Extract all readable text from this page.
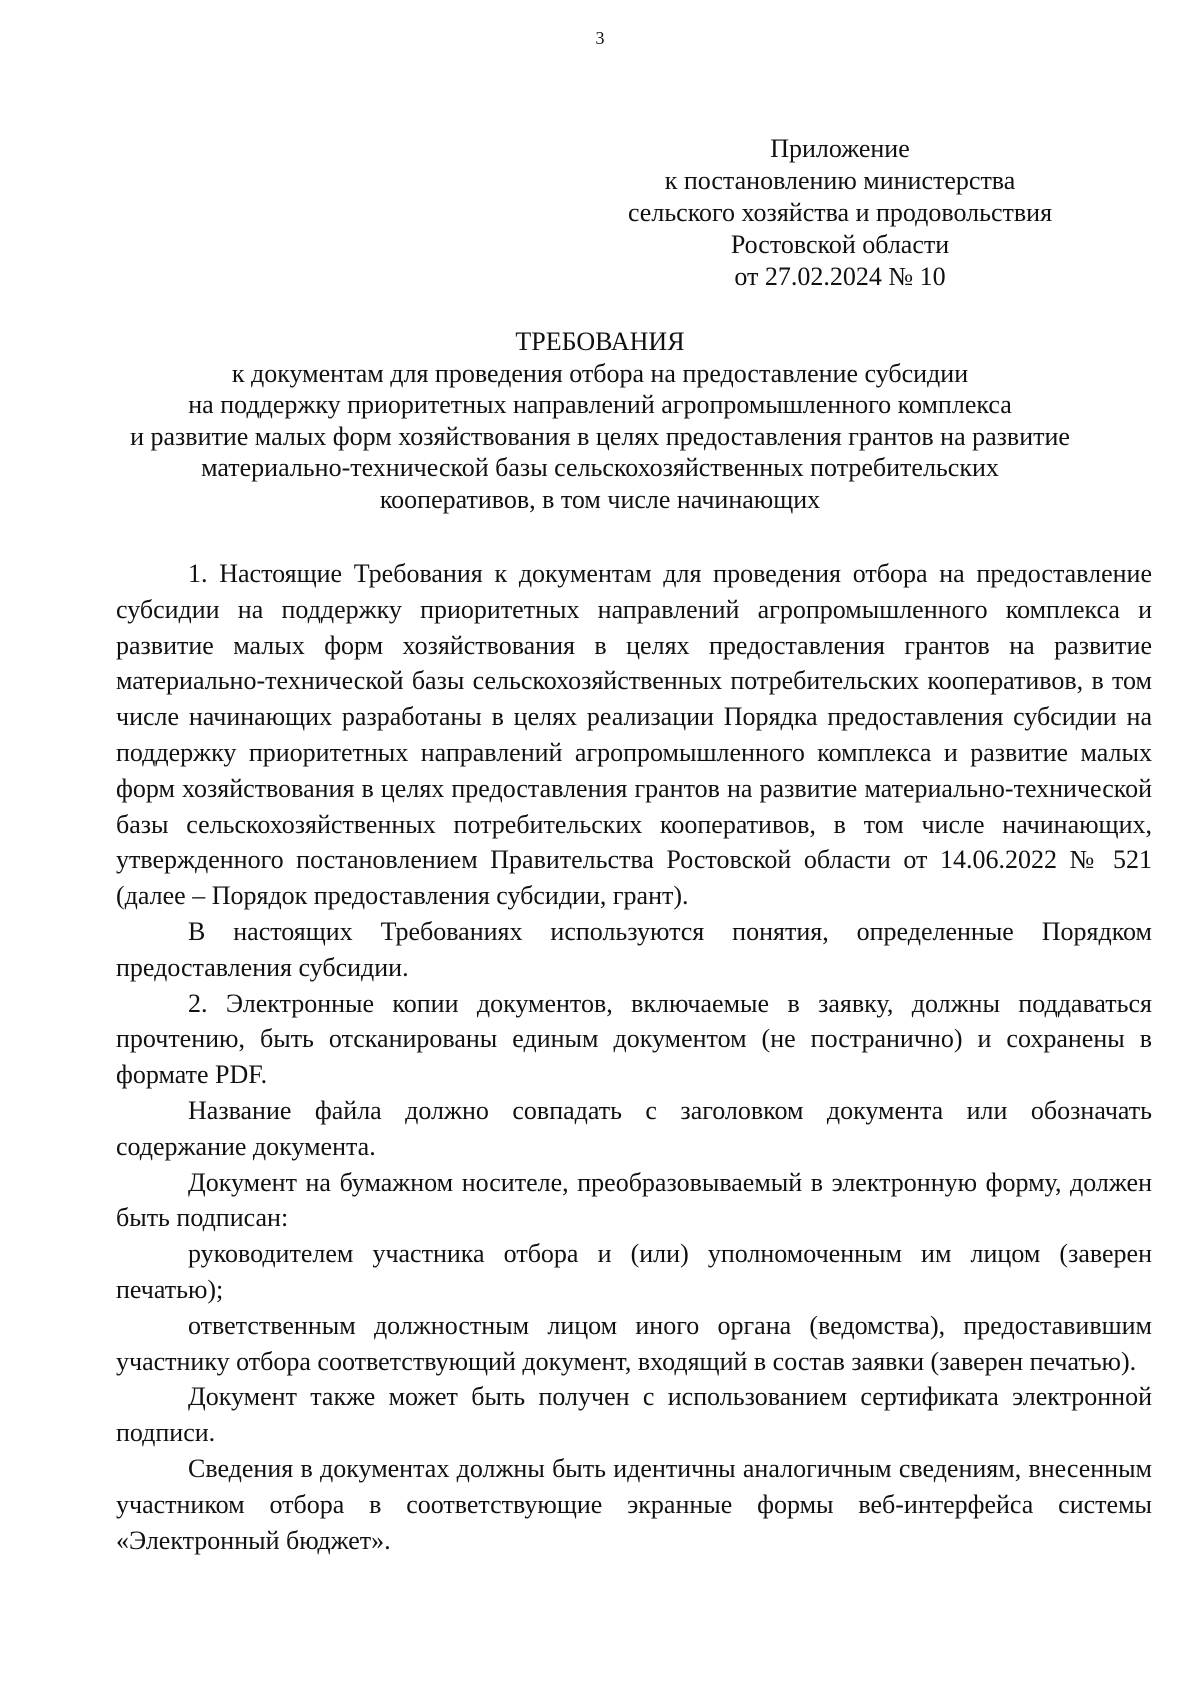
3
Приложение
к постановлению министерства
сельского хозяйства и продовольствия
Ростовской области
от 27.02.2024 № 10
ТРЕБОВАНИЯ
к документам для проведения отбора на предоставление субсидии
на поддержку приоритетных направлений агропромышленного комплекса
и развитие малых форм хозяйствования в целях предоставления грантов на развитие
материально-технической базы сельскохозяйственных потребительских
кооперативов, в том числе начинающих

1. Настоящие Требования к документам для проведения отбора на предоставление субсидии на поддержку приоритетных направлений агропромышленного комплекса и развитие малых форм хозяйствования в целях предоставления грантов на развитие материально-технической базы сельскохозяйственных потребительских кооперативов, в том числе начинающих разработаны в целях реализации Порядка предоставления субсидии на поддержку приоритетных направлений агропромышленного комплекса и развитие малых форм хозяйствования в целях предоставления грантов на развитие материально-технической базы сельскохозяйственных потребительских кооперативов, в том числе начинающих, утвержденного постановлением Правительства Ростовской области от 14.06.2022 № 521 (далее – Порядок предоставления субсидии, грант).

В настоящих Требованиях используются понятия, определенные Порядком предоставления субсидии.

2. Электронные копии документов, включаемые в заявку, должны поддаваться прочтению, быть отсканированы единым документом (не постранично) и сохранены в формате PDF.

Название файла должно совпадать с заголовком документа или обозначать содержание документа.

Документ на бумажном носителе, преобразовываемый в электронную форму, должен быть подписан:

руководителем участника отбора и (или) уполномоченным им лицом (заверен печатью);

ответственным должностным лицом иного органа (ведомства), предоставившим участнику отбора соответствующий документ, входящий в состав заявки (заверен печатью).

Документ также может быть получен с использованием сертификата электронной подписи.

Сведения в документах должны быть идентичны аналогичным сведениям, внесенным участником отбора в соответствующие экранные формы веб-интерфейса системы «Электронный бюджет».
